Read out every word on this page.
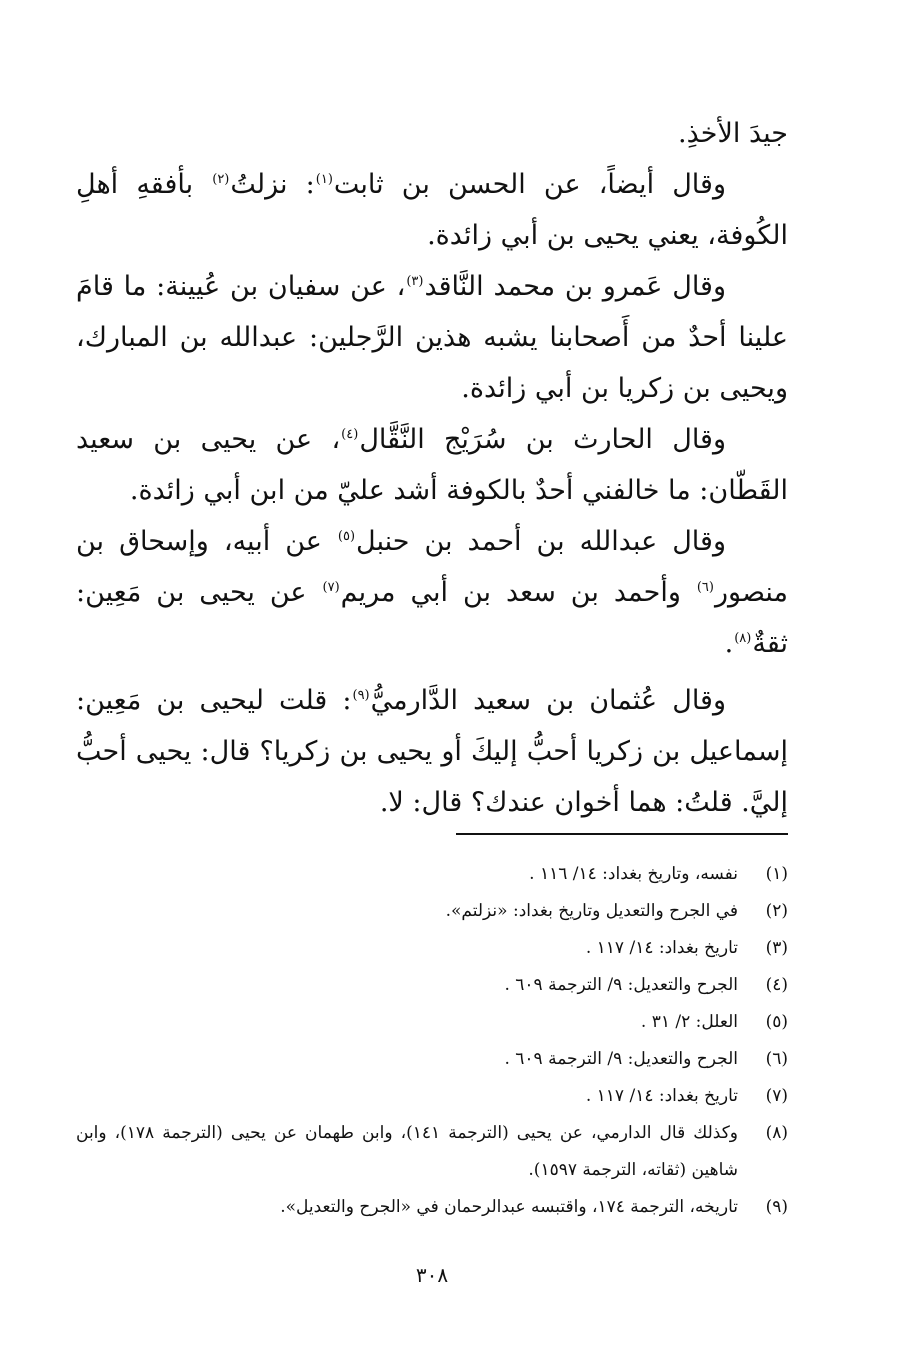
جيدَ الأخذِ.

وقال أيضاً، عن الحسن بن ثابت$^{(١)}$: نزلتُ$^{(٢)}$ بأفقهِ أهلِ الكُوفة، يعني يحيى بن أبي زائدة.

وقال عَمرو بن محمد النَّاقد$^{(٣)}$، عن سفيان بن عُيينة: ما قامَ علينا أحدٌ من أَصحابنا يشبه هذين الرَّجلين: عبدالله بن المبارك، ويحيى بن زكريا بن أبي زائدة.

وقال الحارث بن سُرَيْج النَّقَّال$^{(٤)}$، عن يحيى بن سعيد القَطّان: ما خالفني أحدٌ بالكوفة أشد عليّ من ابن أبي زائدة.

وقال عبدالله بن أحمد بن حنبل$^{(٥)}$ عن أبيه، وإسحاق بن منصور$^{(٦)}$ وأحمد بن سعد بن أبي مريم$^{(٧)}$ عن يحيى بن مَعِين: ثقةٌ$^{(٨)}$.

وقال عُثمان بن سعيد الدَّارميُّ$^{(٩)}$: قلت ليحيى بن مَعِين: إسماعيل بن زكريا أحبُّ إليكَ أو يحيى بن زكريا؟ قال: يحيى أحبُّ إليَّ. قلتُ: هما أخوان عندك؟ قال: لا.

(١)
نفسه، وتاريخ بغداد: ١٤/ ١١٦ .
(٢)
في الجرح والتعديل وتاريخ بغداد: «نزلتم».
(٣)
تاريخ بغداد: ١٤/ ١١٧ .
(٤)
الجرح والتعديل: ٩/ الترجمة ٦٠٩ .
(٥)
العلل: ٢/ ٣١ .
(٦)
الجرح والتعديل: ٩/ الترجمة ٦٠٩ .
(٧)
تاريخ بغداد: ١٤/ ١١٧ .
(٨)
وكذلك قال الدارمي، عن يحيى (الترجمة ١٤١)، وابن طهمان عن يحيى (الترجمة ١٧٨)، وابن شاهين (ثقاته، الترجمة ١٥٩٧).
(٩)
تاريخه، الترجمة ١٧٤، واقتبسه عبدالرحمان في «الجرح والتعديل».
٣٠٨
